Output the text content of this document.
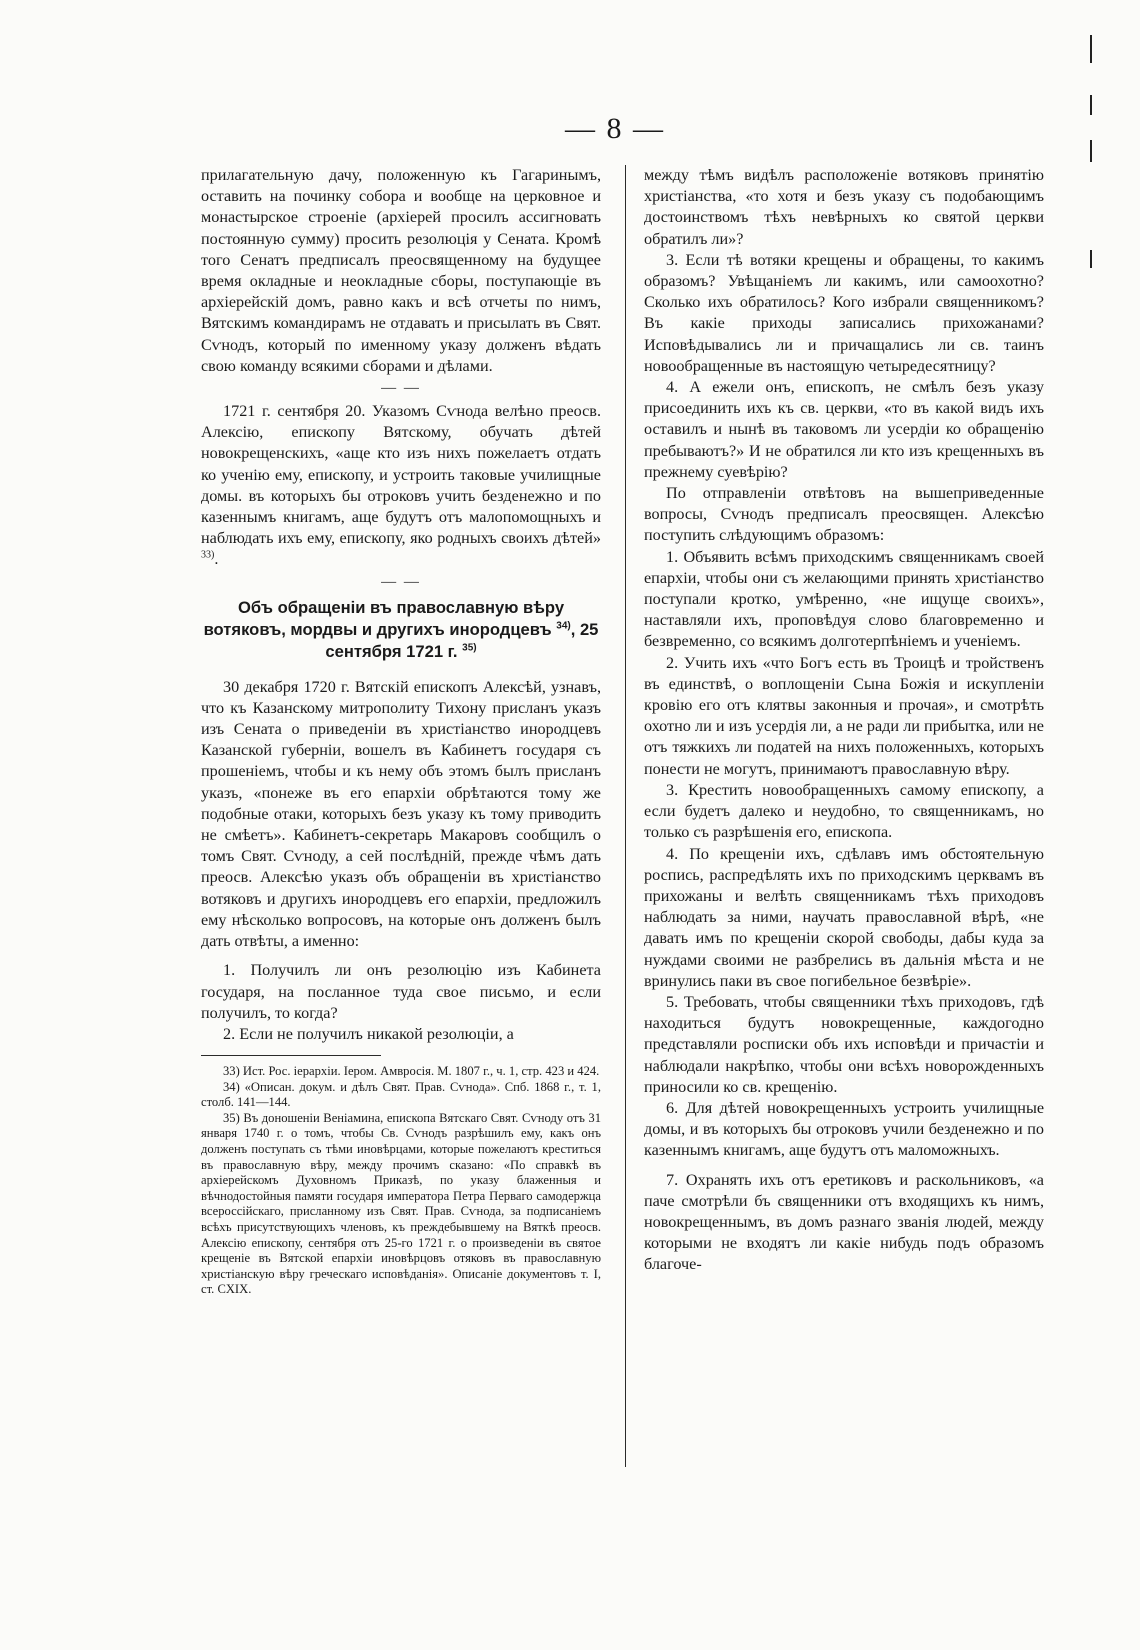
— 8 —

прилагательную дачу, положенную къ Гагаринымъ, оставить на починку собора и вообще на церковное и монастырское строеніе (архіерей просилъ ассигновать постоянную сумму) просить резолюція у Сената. Кромѣ того Сенатъ предписалъ преосвященному на будущее время окладные и неокладные сборы, поступающіе въ архіерейскій домъ, равно какъ и всѣ отчеты по нимъ, Вятскимъ командирамъ не отдавать и присылать въ Свят. Сѵнодъ, который по именному указу долженъ вѣдать свою команду всякими сборами и дѣлами.

— —

1721 г. сентября 20. Указомъ Сѵнода велѣно преосв. Алексію, епископу Вятскому, обучать дѣтей новокрещенскихъ, «аще кто изъ нихъ пожелаетъ отдать ко ученію ему, епископу, и устроить таковые училищные домы. въ которыхъ бы отроковъ учить безденежно и по казеннымъ книгамъ, аще будутъ отъ малопомощныхъ и наблюдать ихъ ему, епископу, яко родныхъ своихъ дѣтей» $^{33)}$.

— —
Объ обращеніи въ православную вѣру вотяковъ, мордвы и другихъ инородцевъ $^{34)}$, 25 сентября 1721 г. $^{35)}$

30 декабря 1720 г. Вятскій епископъ Алексѣй, узнавъ, что къ Казанскому митрополиту Тихону присланъ указъ изъ Сената о приведеніи въ христіанство инородцевъ Казанской губерніи, вошелъ въ Кабинетъ государя съ прошеніемъ, чтобы и къ нему объ этомъ былъ присланъ указъ, «понеже въ его епархіи обрѣтаются тому же подобные отаки, которыхъ безъ указу къ тому приводить не смѣетъ». Кабинетъ-секретарь Макаровъ сообщилъ о томъ Свят. Сѵноду, а сей послѣдній, прежде чѣмъ дать преосв. Алексѣю указъ объ обращеніи въ христіанство вотяковъ и другихъ инородцевъ его епархіи, предложилъ ему нѣсколько вопросовъ, на которые онъ долженъ былъ дать отвѣты, а именно:

1. Получилъ ли онъ резолюцію изъ Кабинета государя, на посланное туда свое письмо, и если получилъ, то когда?

2. Если не получилъ никакой резолюціи, а

33) Ист. Рос. іерархіи. Іером. Амвросія. М. 1807 г., ч. 1, стр. 423 и 424.

34) «Описан. докум. и дѣлъ Свят. Прав. Сѵнода». Спб. 1868 г., т. 1, столб. 141—144.

35) Въ доношеніи Веніамина, епископа Вятскаго Свят. Сѵноду отъ 31 января 1740 г. о томъ, чтобы Св. Сѵнодъ разрѣшилъ ему, какъ онъ долженъ поступать съ тѣми иновѣрцами, которые пожелаютъ креститься въ православную вѣру, между прочимъ сказано: «По справкѣ въ архіерейскомъ Духовномъ Приказѣ, по указу блаженныя и вѣчнодостойныя памяти государя императора Петра Перваго самодержца всероссійскаго, присланному изъ Свят. Прав. Сѵнода, за подписаніемъ всѣхъ присутствующихъ членовъ, къ преждебывшему на Вяткѣ преосв. Алексію епископу, сентября отъ 25-го 1721 г. о произведеніи въ святое крещеніе въ Вятской епархіи иновѣрцовъ отяковъ въ православную христіанскую вѣру греческаго исповѣданія». Описаніе документовъ т. I, ст. CXIX.

между тѣмъ видѣлъ расположеніе вотяковъ принятію христіанства, «то хотя и безъ указу съ подобающимъ достоинствомъ тѣхъ невѣрныхъ ко святой церкви обратилъ ли»?

3. Если тѣ вотяки крещены и обращены, то какимъ образомъ? Увѣщаніемъ ли какимъ, или самоохотно? Сколько ихъ обратилось? Кого избрали священникомъ? Въ какіе приходы записались прихожанами? Исповѣдывались ли и причащались ли св. таинъ новообращенные въ настоящую четыредесятницу?

4. А ежели онъ, епископъ, не смѣлъ безъ указу присоединить ихъ къ св. церкви, «то въ какой видъ ихъ оставилъ и нынѣ въ таковомъ ли усердіи ко обращенію пребываютъ?» И не обратился ли кто изъ крещенныхъ въ прежнему суевѣрію?

По отправленіи отвѣтовъ на вышеприведенные вопросы, Сѵнодъ предписалъ преосвящен. Алексѣю поступить слѣдующимъ образомъ:

1. Объявить всѣмъ приходскимъ священникамъ своей епархіи, чтобы они съ желающими принять христіанство поступали кротко, умѣренно, «не ищуще своихъ», наставляли ихъ, проповѣдуя слово благовременно и безвременно, со всякимъ долготерпѣніемъ и ученіемъ.

2. Учить ихъ «что Богъ есть въ Троицѣ и тройственъ въ единствѣ, о воплощеніи Сына Божія и искупленіи кровію его отъ клятвы законныя и прочая», и смотрѣть охотно ли и изъ усердія ли, а не ради ли прибытка, или не отъ тяжкихъ ли податей на нихъ положенныхъ, которыхъ понести не могутъ, принимаютъ православную вѣру.

3. Крестить новообращенныхъ самому епископу, а если будетъ далеко и неудобно, то священникамъ, но только съ разрѣшенія его, епископа.

4. По крещеніи ихъ, сдѣлавъ имъ обстоятельную роспись, распредѣлять ихъ по приходскимъ церквамъ въ прихожаны и велѣть священникамъ тѣхъ приходовъ наблюдать за ними, научать православной вѣрѣ, «не давать имъ по крещеніи скорой свободы, дабы куда за нуждами своими не разбрелись въ дальнія мѣста и не вринулись паки въ свое погибельное безвѣріе».

5. Требовать, чтобы священники тѣхъ приходовъ, гдѣ находиться будутъ новокрещенные, каждогодно представляли росписки объ ихъ исповѣди и причастіи и наблюдали накрѣпко, чтобы они всѣхъ новорожденныхъ приносили ко св. крещенію.

6. Для дѣтей новокрещенныхъ устроить училищные домы, и въ которыхъ бы отроковъ учили безденежно и по казеннымъ книгамъ, аще будутъ отъ маломожныхъ.

7. Охранять ихъ отъ еретиковъ и раскольниковъ, «а паче смотрѣли бъ священники отъ входящихъ къ нимъ, новокрещеннымъ, въ домъ разнаго званія людей, между которыми не входятъ ли какіе нибудь подъ образомъ благоче-
